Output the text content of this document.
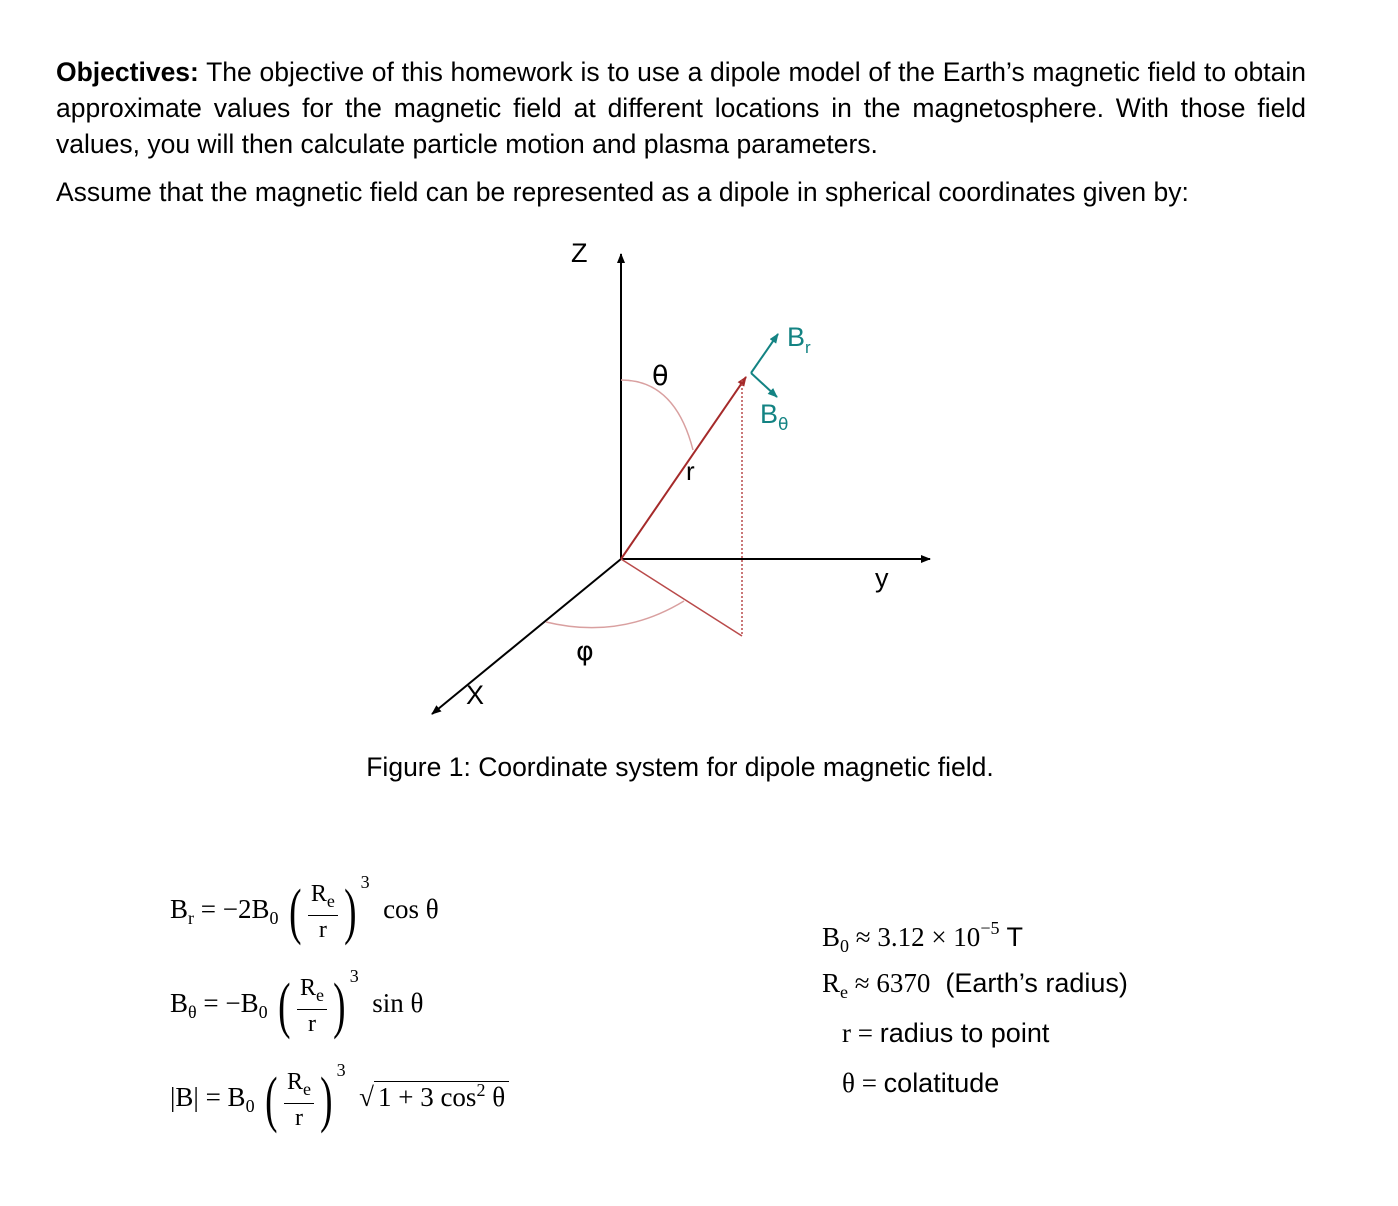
Objectives: The objective of this homework is to use a dipole model of the Earth’s magnetic field to obtain approximate values for the magnetic field at different locations in the magnetosphere. With those field values, you will then calculate particle motion and plasma parameters.
Assume that the magnetic field can be represented as a dipole in spherical coordinates given by:
Z
y
X
θ
φ
r
$B_r$
$B_\theta$
Figure 1: Coordinate system for dipole magnetic field.
$B_r = -2B_0$ ( $\frac{R_e}{r}$ ) $^3$  cos θ
$B_\theta = -B_0$ ( $\frac{R_e}{r}$ ) $^3$  sin θ
$|B| = B_0$ ( $\frac{R_e}{r}$ ) $^3$  √ 1 + 3 $\cos^2 \theta$
$B_0 \approx 3.12 \times 10^{-5}$ T
$R_e \approx 6370$  (Earth’s radius)
r = radius to point
θ = colatitude
